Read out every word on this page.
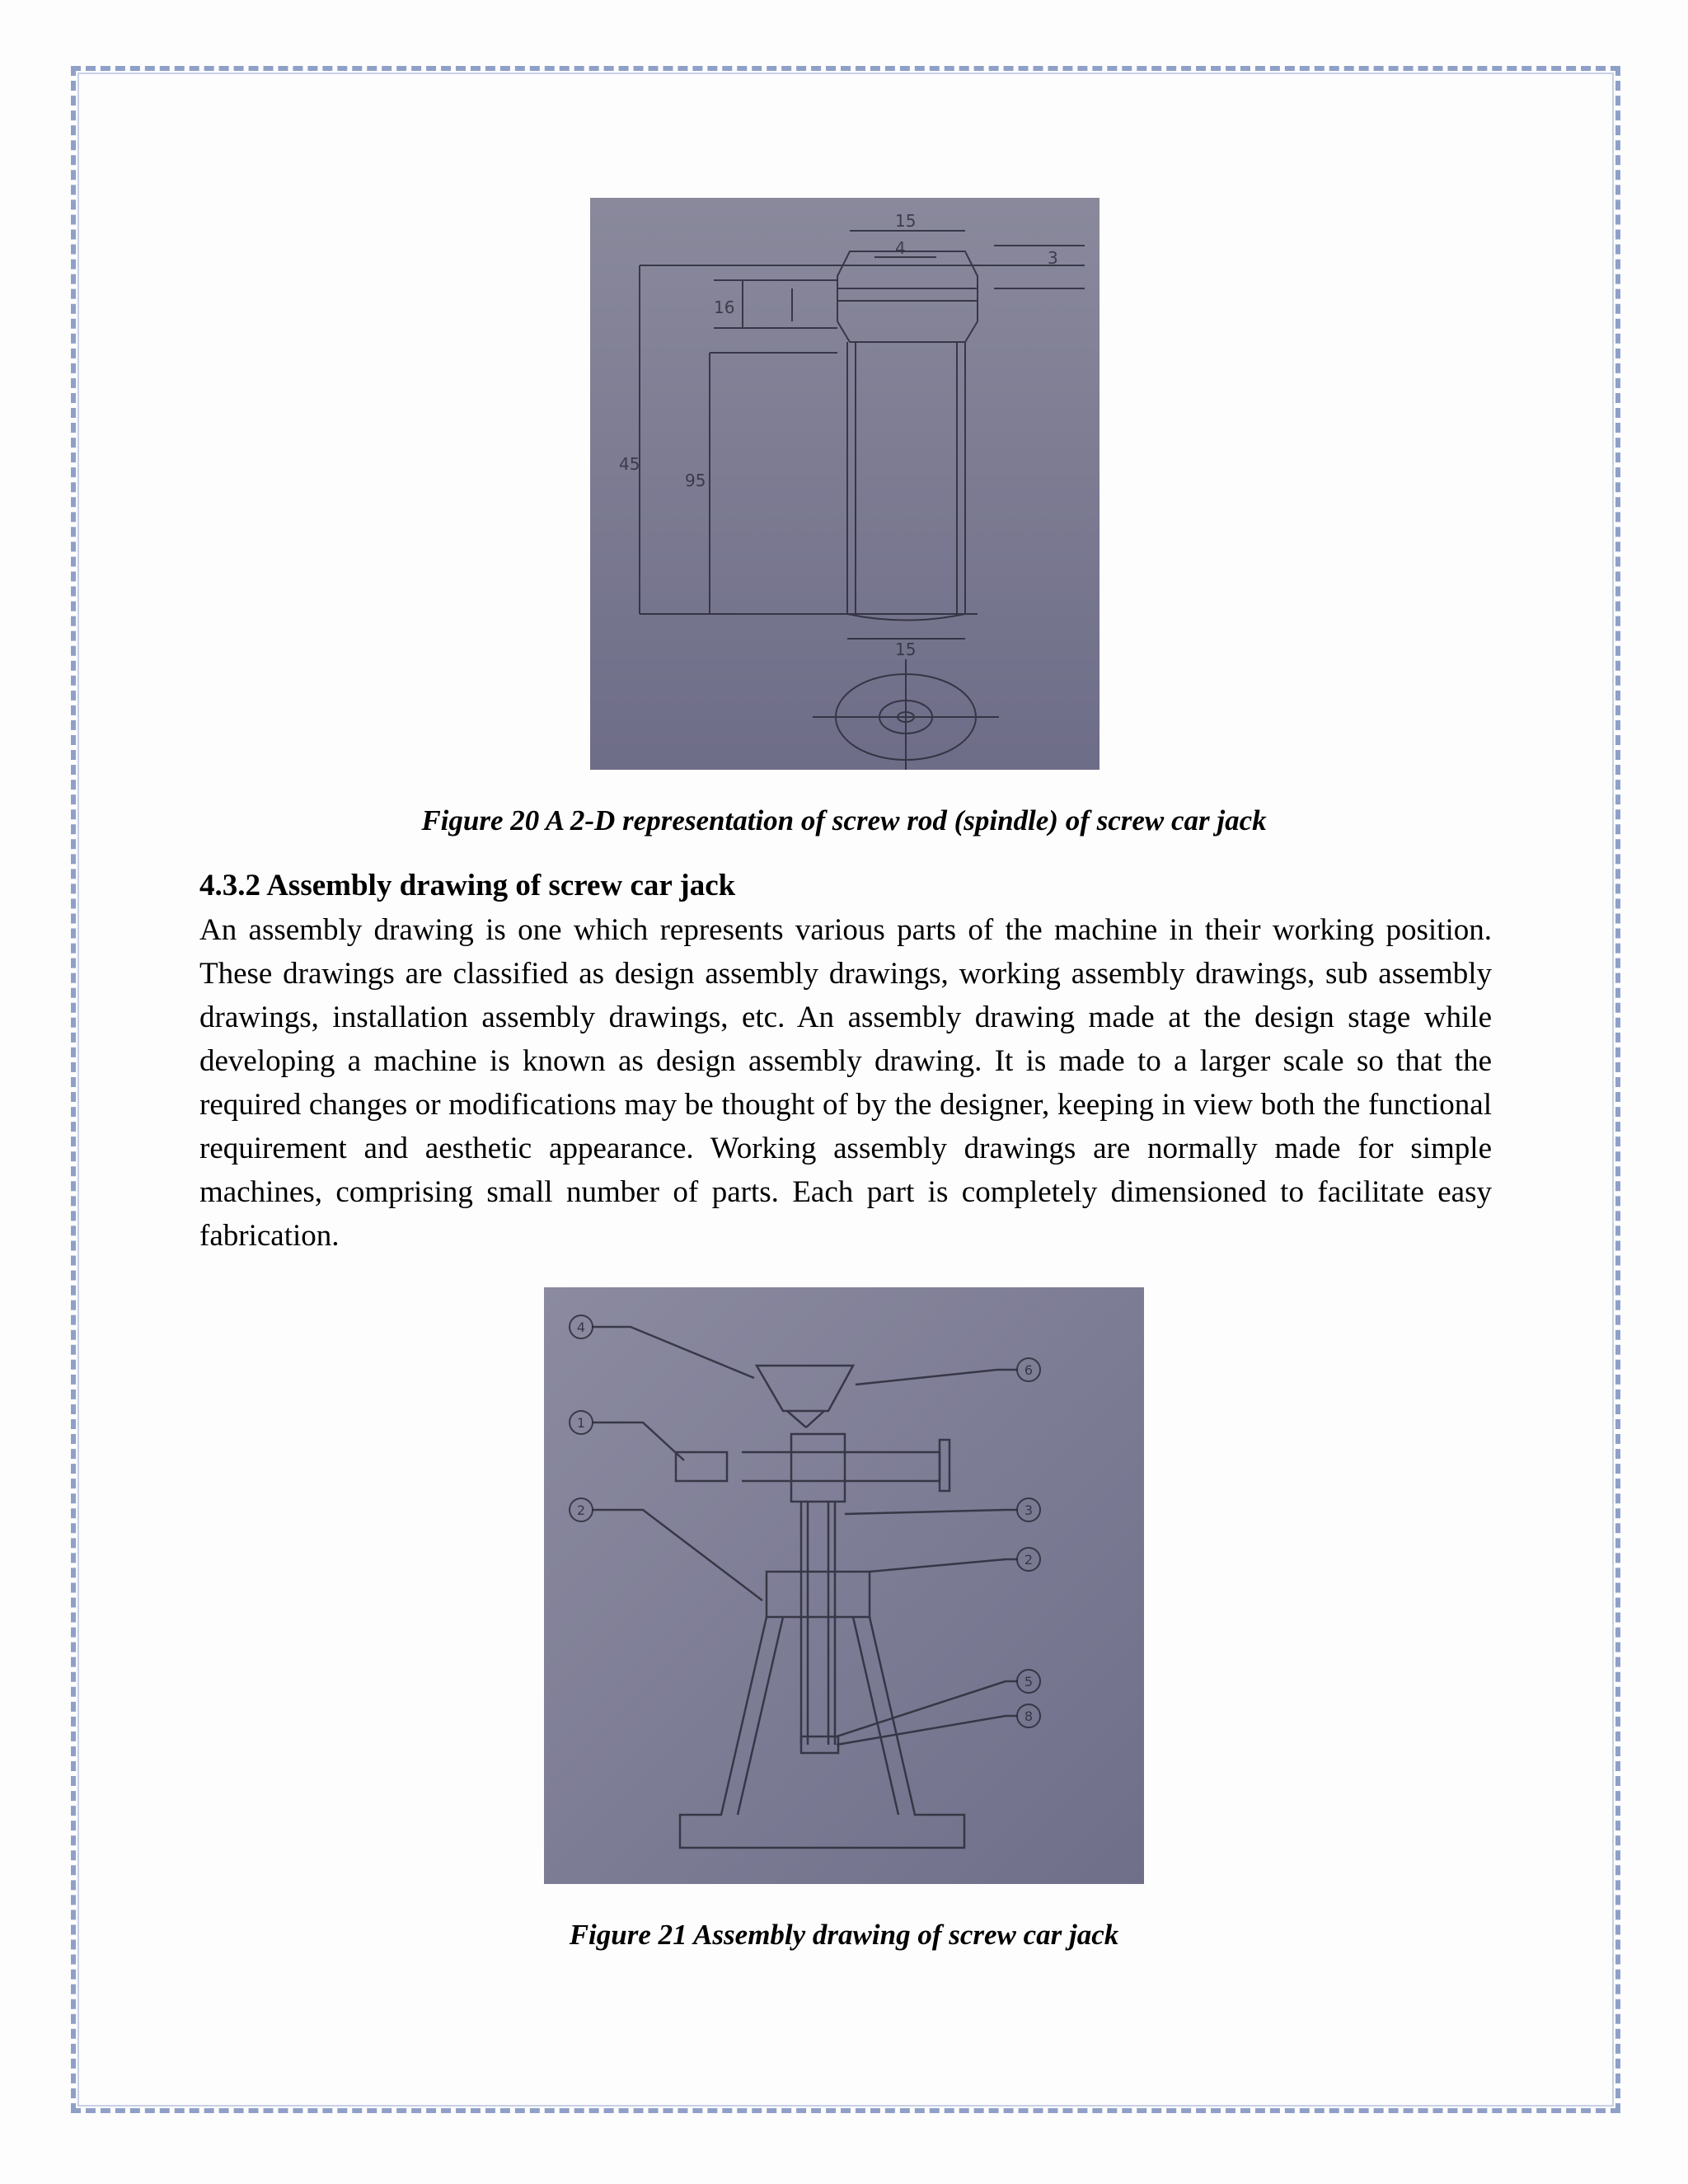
15
4	3
16
95
45
15
Figure 20 A 2-D representation of screw rod (spindle) of screw car jack
4.3.2 Assembly drawing of screw car jack
An assembly drawing is one which represents various parts of the machine in their working position. These drawings are classified as design assembly drawings, working assembly drawings, sub assembly drawings, installation assembly drawings, etc. An assembly drawing made at the design stage while developing a machine is known as design assembly drawing. It is made to a larger scale so that the required changes or modifications may be thought of by the designer, keeping in view both the functional requirement and aesthetic appearance. Working assembly drawings are normally made for simple machines, comprising small number of parts. Each part is completely dimensioned to facilitate easy fabrication.
4
6
1
2	3
2
5
8
Figure 21 Assembly drawing of screw car jack
